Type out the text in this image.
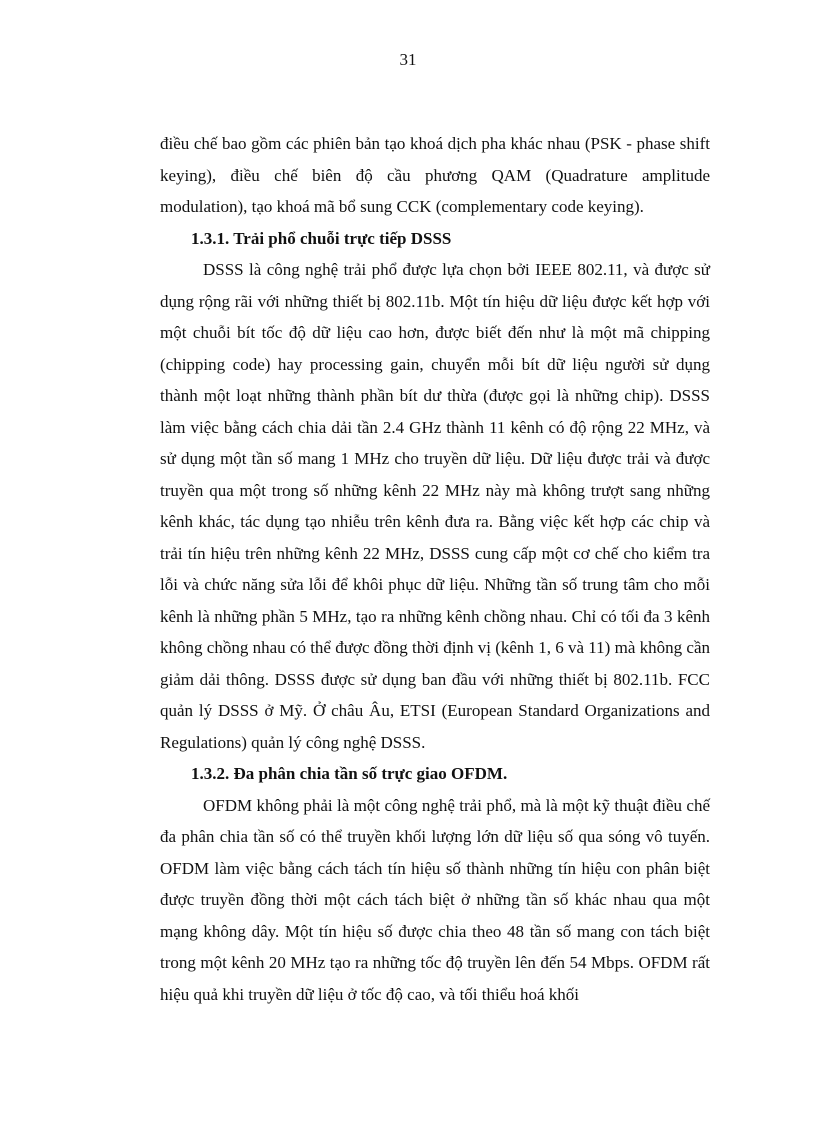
31

điều chế bao gồm các phiên bản tạo khoá dịch pha khác nhau (PSK - phase shift keying), điều chế biên độ cầu phương QAM (Quadrature amplitude modulation), tạo khoá mã bổ sung CCK (complementary code keying).

1.3.1. Trải phổ chuỗi trực tiếp DSSS

DSSS là công nghệ trải phổ được lựa chọn bởi IEEE 802.11, và được sử dụng rộng rãi với những thiết bị 802.11b. Một tín hiệu dữ liệu được kết hợp với một chuỗi bít tốc độ dữ liệu cao hơn, được biết đến như là một mã chipping (chipping code) hay processing gain, chuyển mỗi bít dữ liệu người sử dụng thành một loạt những thành phần bít dư thừa (được gọi là những chip). DSSS làm việc bằng cách chia dải tần 2.4 GHz thành 11 kênh có độ rộng 22 MHz, và sử dụng một tần số mang 1 MHz cho truyền dữ liệu. Dữ liệu được trải và được truyền qua một trong số những kênh 22 MHz này mà không trượt sang những kênh khác, tác dụng tạo nhiễu trên kênh đưa ra. Bằng việc kết hợp các chip và trải tín hiệu trên những kênh 22 MHz, DSSS cung cấp một cơ chế cho kiểm tra lỗi và chức năng sửa lỗi để khôi phục dữ liệu. Những tần số trung tâm cho mỗi kênh là những phần 5 MHz, tạo ra những kênh chồng nhau. Chỉ có tối đa 3 kênh không chồng nhau có thể được đồng thời định vị (kênh 1, 6 và 11) mà không cần giảm dải thông. DSSS được sử dụng ban đầu với những thiết bị 802.11b. FCC quản lý DSSS ở Mỹ. Ở châu Âu, ETSI (European Standard Organizations and Regulations) quản lý công nghệ DSSS.

1.3.2. Đa phân chia tần số trực giao OFDM.

OFDM không phải là một công nghệ trải phổ, mà là một kỹ thuật điều chế đa phân chia tần số có thể truyền khối lượng lớn dữ liệu số qua sóng vô tuyến. OFDM làm việc bằng cách tách tín hiệu số thành những tín hiệu con phân biệt được truyền đồng thời một cách tách biệt ở những tần số khác nhau qua một mạng không dây. Một tín hiệu số được chia theo 48 tần số mang con tách biệt trong một kênh 20 MHz tạo ra những tốc độ truyền lên đến 54 Mbps. OFDM rất hiệu quả khi truyền dữ liệu ở tốc độ cao, và tối thiểu hoá khối
